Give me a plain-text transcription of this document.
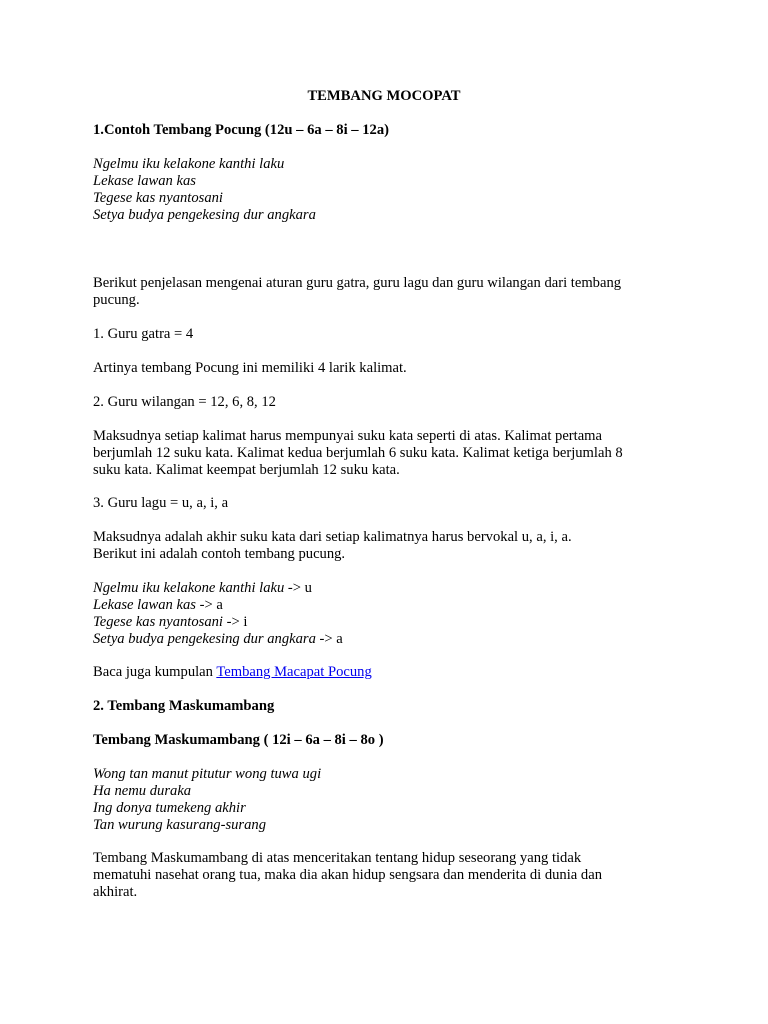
TEMBANG MOCOPAT
1.Contoh Tembang Pocung (12u – 6a – 8i – 12a)
Ngelmu iku kelakone kanthi laku
Lekase lawan kas
Tegese kas nyantosani
Setya budya pengekesing dur angkara
Berikut penjelasan mengenai aturan guru gatra, guru lagu dan guru wilangan dari tembang
pucung.
1. Guru gatra = 4
Artinya tembang Pocung ini memiliki 4 larik kalimat.
2. Guru wilangan = 12, 6, 8, 12
Maksudnya setiap kalimat harus mempunyai suku kata seperti di atas. Kalimat pertama
berjumlah 12 suku kata. Kalimat kedua berjumlah 6 suku kata. Kalimat ketiga berjumlah 8
suku kata. Kalimat keempat berjumlah 12 suku kata.
3. Guru lagu = u, a, i, a
Maksudnya adalah akhir suku kata dari setiap kalimatnya harus bervokal u, a, i, a.
Berikut ini adalah contoh tembang pucung.
Ngelmu iku kelakone kanthi laku -> u
Lekase lawan kas -> a
Tegese kas nyantosani -> i
Setya budya pengekesing dur angkara -> a
Baca juga kumpulan Tembang Macapat Pocung
2. Tembang Maskumambang
Tembang Maskumambang ( 12i – 6a – 8i – 8o )
Wong tan manut pitutur wong tuwa ugi
Ha nemu duraka
Ing donya tumekeng akhir
Tan wurung kasurang-surang
Tembang Maskumambang di atas menceritakan tentang hidup seseorang yang tidak
mematuhi nasehat orang tua, maka dia akan hidup sengsara dan menderita di dunia dan
akhirat.
